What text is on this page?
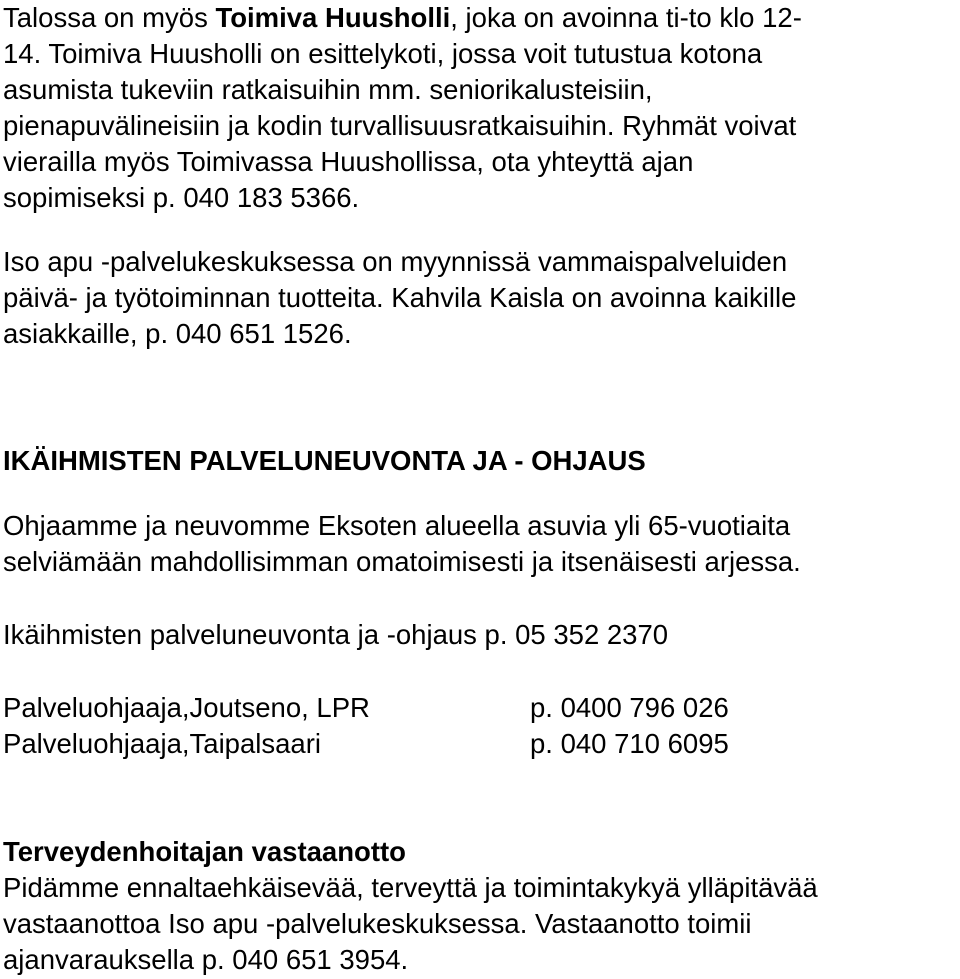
Talossa on myös Toimiva Huusholli, joka on avoinna ti-to klo 12-
14. Toimiva Huusholli on esittelykoti, jossa voit tutustua kotona
asumista tukeviin ratkaisuihin mm. seniorikalusteisiin,
pienapuvälineisiin ja kodin turvallisuusratkaisuihin. Ryhmät voivat
vierailla myös Toimivassa Huushollissa, ota yhteyttä ajan
sopimiseksi p. 040 183 5366.
Iso apu -palvelukeskuksessa on myynnissä vammaispalveluiden
päivä- ja työtoiminnan tuotteita. Kahvila Kaisla on avoinna kaikille
asiakkaille, p. 040 651 1526.
IKÄIHMISTEN PALVELUNEUVONTA JA - OHJAUS
Ohjaamme ja neuvomme Eksoten alueella asuvia yli 65-vuotiaita
selviämään mahdollisimman omatoimisesti ja itsenäisesti arjessa.
Ikäihmisten palveluneuvonta ja -ohjaus p. 05 352 2370
Palveluohjaaja,Joutseno, LPR	p. 0400 796 026
Palveluohjaaja,Taipalsaari	p. 040 710 6095
Terveydenhoitajan vastaanotto
Pidämme ennaltaehkäisevää, terveyttä ja toimintakykyä ylläpitävää
vastaanottoa Iso apu -palvelukeskuksessa. Vastaanotto toimii
ajanvarauksella p. 040 651 3954.
